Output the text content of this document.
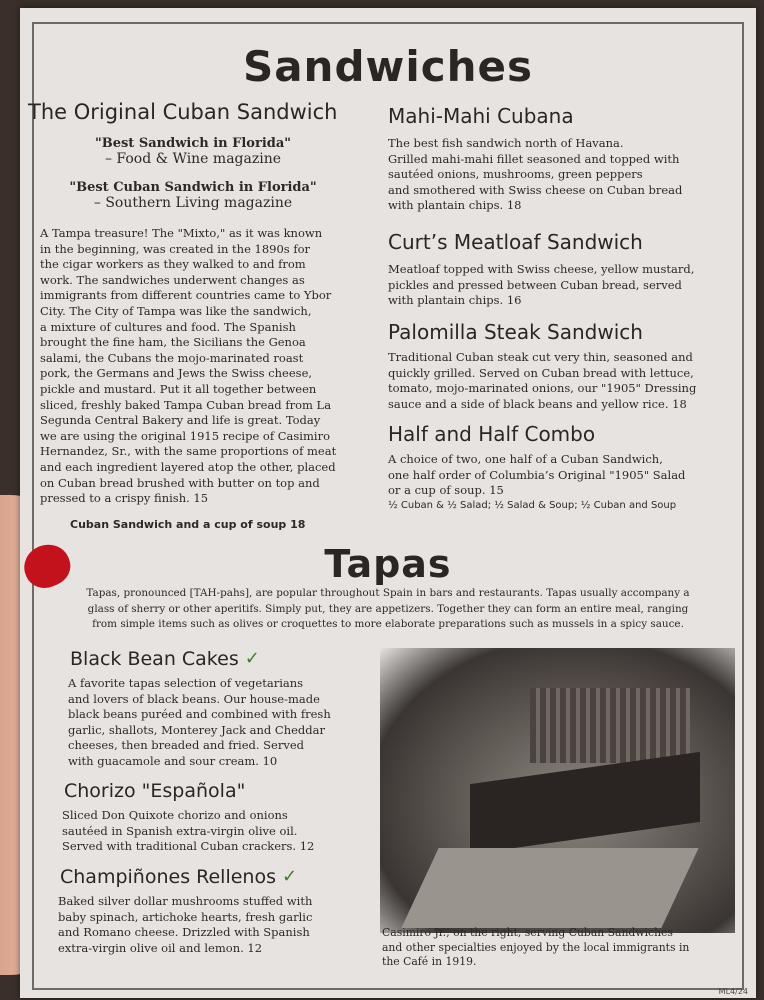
Sandwiches
The Original Cuban Sandwich
"Best Sandwich in Florida"
– Food & Wine magazine
"Best Cuban Sandwich in Florida"
– Southern Living magazine
A Tampa treasure! The "Mixto," as it was known
in the beginning, was created in the 1890s for
the cigar workers as they walked to and from
work. The sandwiches underwent changes as
immigrants from different countries came to Ybor
City. The City of Tampa was like the sandwich,
a mixture of cultures and food. The Spanish
brought the fine ham, the Sicilians the Genoa
salami, the Cubans the mojo-marinated roast
pork, the Germans and Jews the Swiss cheese,
pickle and mustard. Put it all together between
sliced, freshly baked Tampa Cuban bread from La
Segunda Central Bakery and life is great. Today
we are using the original 1915 recipe of Casimiro
Hernandez, Sr., with the same proportions of meat
and each ingredient layered atop the other, placed
on Cuban bread brushed with butter on top and
pressed to a crispy finish. 15

Cuban Sandwich and a cup of soup 18

Mahi-Mahi Cubana
The best fish sandwich north of Havana.
Grilled mahi-mahi fillet seasoned and topped with
sautéed onions, mushrooms, green peppers
and smothered with Swiss cheese on Cuban bread
with plantain chips. 18
Curt’s Meatloaf Sandwich
Meatloaf topped with Swiss cheese, yellow mustard,
pickles and pressed between Cuban bread, served
with plantain chips. 16
Palomilla Steak Sandwich
Traditional Cuban steak cut very thin, seasoned and
quickly grilled. Served on Cuban bread with lettuce,
tomato, mojo-marinated onions, our "1905" Dressing
sauce and a side of black beans and yellow rice. 18
Half and Half Combo
A choice of two, one half of a Cuban Sandwich,
one half order of Columbia’s Original "1905" Salad
or a cup of soup. 15

½ Cuban & ½ Salad; ½ Salad & Soup; ½ Cuban and Soup

Tapas
Tapas, pronounced [TAH-pahs], are popular throughout Spain in bars and restaurants. Tapas usually accompany a
glass of sherry or other aperitifs. Simply put, they are appetizers. Together they can form an entire meal, ranging
from simple items such as olives or croquettes to more elaborate preparations such as mussels in a spicy sauce.
Black Bean Cakes ✓
A favorite tapas selection of vegetarians
and lovers of black beans. Our house-made
black beans puréed and combined with fresh
garlic, shallots, Monterey Jack and Cheddar
cheeses, then breaded and fried. Served
with guacamole and sour cream. 10
Chorizo "Española"
Sliced Don Quixote chorizo and onions
sautéed in Spanish extra-virgin olive oil.
Served with traditional Cuban crackers. 12
Champiñones Rellenos ✓
Baked silver dollar mushrooms stuffed with
baby spinach, artichoke hearts, fresh garlic
and Romano cheese. Drizzled with Spanish
extra-virgin olive oil and lemon. 12
Casimiro Jr., on the right, serving Cuban Sandwiches
and other specialties enjoyed by the local immigrants in
the Café in 1919.
ML4/24
